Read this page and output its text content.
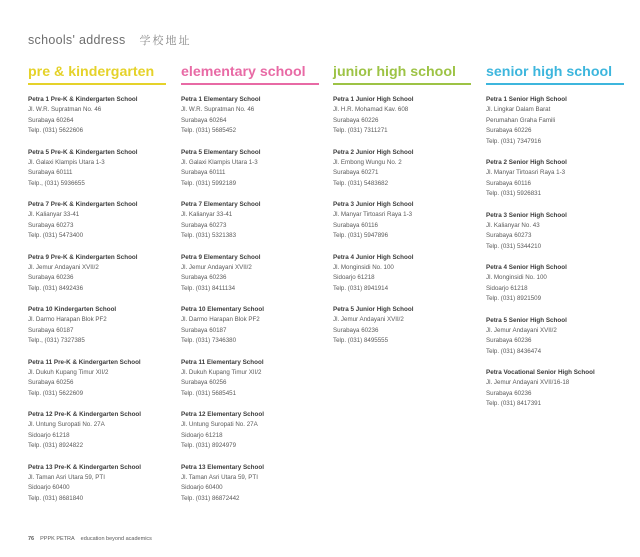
schools' address 学校地址
pre & kindergarten
Petra 1 Pre-K & Kindergarten School
Jl. W.R. Supratman No. 46
Surabaya 60264
Telp. (031) 5622606
Petra 5 Pre-K & Kindergarten School
Jl. Galaxi Klampis Utara 1-3
Surabaya 60111
Telp., (031) 5936655
Petra 7 Pre-K & Kindergarten School
Jl. Kalianyar 33-41
Surabaya 60273
Telp. (031) 5473400
Petra 9 Pre-K & Kindergarten School
Jl. Jemur Andayani XVII/2
Surabaya 60236
Telp. (031) 8492436
Petra 10 Kindergarten School
Jl. Darmo Harapan Blok PF2
Surabaya 60187
Telp., (031) 7327385
Petra 11 Pre-K & Kindergarten School
Jl. Dukuh Kupang Timur XII/2
Surabaya 60256
Telp. (031) 5622609
Petra 12 Pre-K & Kindergarten School
Jl. Untung Suropati No. 27A
Sidoarjo 61218
Telp. (031) 8924822
Petra 13 Pre-K & Kindergarten School
Jl. Taman Asri Utara 59, PTI
Sidoarjo 60400
Telp. (031) 8681840
elementary school
Petra 1 Elementary School
Jl. W.R. Supratman No. 46
Surabaya 60264
Telp. (031) 5685452
Petra 5 Elementary School
Jl. Galaxi Klampis Utara 1-3
Surabaya 60111
Telp. (031) 5992189
Petra 7 Elementary School
Jl. Kalianyar 33-41
Surabaya 60273
Telp. (031) 5321383
Petra 9 Elementary School
Jl. Jemur Andayani XVII/2
Surabaya 60236
Telp. (031) 8411134
Petra 10 Elementary School
Jl. Darmo Harapan Blok PF2
Surabaya 60187
Telp. (031) 7346380
Petra 11 Elementary School
Jl. Dukuh Kupang Timur XII/2
Surabaya 60256
Telp. (031) 5685451
Petra 12 Elementary School
Jl. Untung Suropati No. 27A
Sidoarjo 61218
Telp. (031) 8924979
Petra 13 Elementary School
Jl. Taman Asri Utara 59, PTI
Sidoarjo 60400
Telp. (031) 86872442
junior high school
Petra 1 Junior High School
Jl. H.R. Mohamad Kav. 608
Surabaya 60226
Telp. (031) 7311271
Petra 2 Junior High School
Jl. Embong Wungu No. 2
Surabaya 60271
Telp. (031) 5483682
Petra 3 Junior High School
Jl. Manyar Tirtoasri Raya 1-3
Surabaya 60116
Telp. (031) 5947896
Petra 4 Junior High School
Jl. Monginsidi No. 100
Sidoarjo 61218
Telp. (031) 8941914
Petra 5 Junior High School
Jl. Jemur Andayani XVII/2
Surabaya 60236
Telp. (031) 8495555
senior high school
Petra 1 Senior High School
Jl. Lingkar Dalam Barat
Perumahan Graha Famili
Surabaya 60226
Telp. (031) 7347916
Petra 2 Senior High School
Jl. Manyar Tirtoasri Raya 1-3
Surabaya 60116
Telp. (031) 5926831
Petra 3 Senior High School
Jl. Kalianyar No. 43
Surabaya 60273
Telp. (031) 5344210
Petra 4 Senior High School
Jl. Monginsidi No. 100
Sidoarjo 61218
Telp. (031) 8921509
Petra 5 Senior High School
Jl. Jemur Andayani XVII/2
Surabaya 60236
Telp. (031) 8436474
Petra Vocational Senior High School
Jl. Jemur Andayani XVII/16-18
Surabaya 60236
Telp. (031) 8417391
76 PPPK PETRA education beyond academics
